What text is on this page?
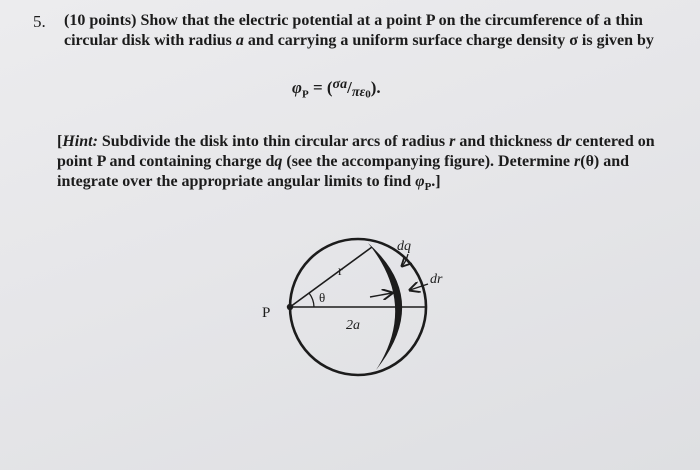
5. (10 points) Show that the electric potential at a point P on the circumference of a thin
circular disk with radius a and carrying a uniform surface charge density σ is given by
$\varphi_P = (^{\sigma a}/\pi\varepsilon_0)$.
[Hint: Subdivide the disk into thin circular arcs of radius r and thickness dr centered on
point P and containing charge dq (see the accompanying figure). Determine r(θ) and
integrate over the appropriate angular limits to find $\varphi_P$.]
P
r
θ
2a
dq
dr
